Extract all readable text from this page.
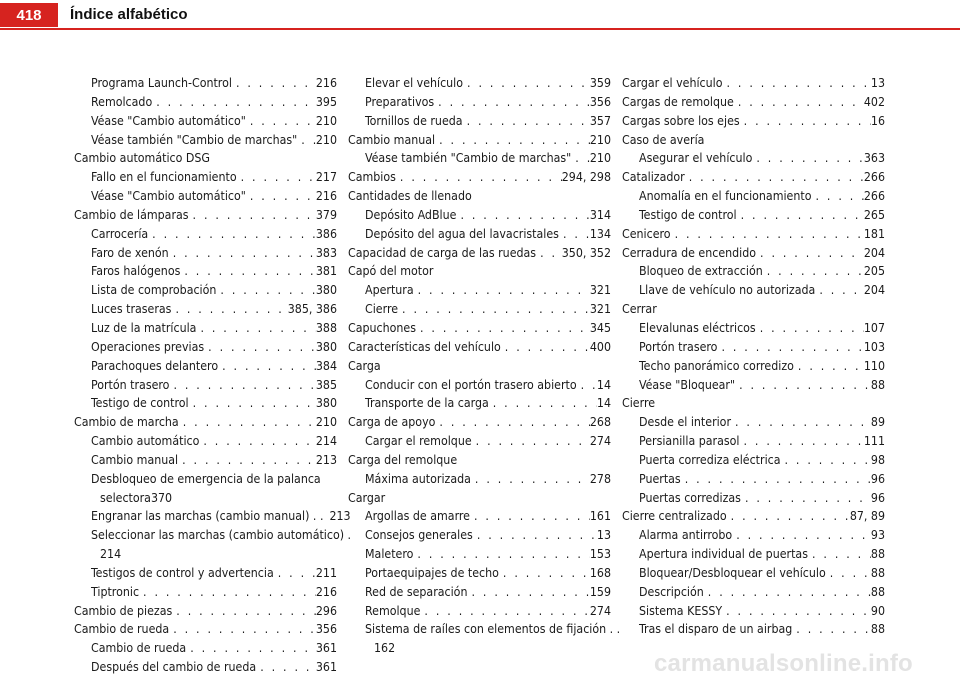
418	Índice alfabético
Programa Launch-Control . . .	216
Remolcado . . .	395
Véase "Cambio automático" . . .	210
Véase también "Cambio de marchas" . . . 210
Cambio automático DSG
Fallo en el funcionamiento . . .	217
Véase "Cambio automático" . . .	216
Cambio de lámparas . . .	379
Carrocería . . .	386
Faro de xenón . . .	383
Faros halógenos . . .	381
Lista de comprobación . . .	380
Luces traseras . . .	385, 386
Luz de la matrícula . . .	388
Operaciones previas . . .	380
Parachoques delantero . . .	384
Portón trasero . . .	385
Testigo de control . . .	380
Cambio de marcha . . .	210
Cambio automático . . .	214
Cambio manual . . .	213
Desbloqueo de emergencia de la palanca
selectora 370
Engranar las marchas (cambio manual) . . 213
Seleccionar las marchas (cambio automático) .
214
Testigos de control y advertencia . . .	211
Tiptronic . . .	216
Cambio de piezas . . .	296
Cambio de rueda . . .	356
Cambio de rueda . . .	361
Después del cambio de rueda . . .	361
Elevar el vehículo . . .	359
Preparativos . . .	356
Tornillos de rueda . . .	357
Cambio manual . . .	210
Véase también "Cambio de marchas" . . . 210
Cambios . . .	294, 298
Cantidades de llenado
Depósito AdBlue . . .	314
Depósito del agua del lavacristales . . .	134
Capacidad de carga de las ruedas . . . 350, 352
Capó del motor
Apertura . . .	321
Cierre . . .	321
Capuchones . . .	345
Características del vehículo . . .	400
Carga
Conducir con el portón trasero abierto . . . 14
Transporte de la carga . . .	14
Carga de apoyo . . .	268
Cargar el remolque . . .	274
Carga del remolque
Máxima autorizada . . .	278
Cargar
Argollas de amarre . . .	161
Consejos generales . . .	13
Maletero . . .	153
Portaequipajes de techo . . .	168
Red de separación . . .	159
Remolque . . .	274
Sistema de raíles con elementos de fijación . .
162
Cargar el vehículo . . .	13
Cargas de remolque . . .	402
Cargas sobre los ejes . . .	16
Caso de avería
Asegurar el vehículo . . .	363
Catalizador . . .	266
Anomalía en el funcionamiento . . .	266
Testigo de control . . .	265
Cenicero . . .	181
Cerradura de encendido . . .	204
Bloqueo de extracción . . .	205
Llave de vehículo no autorizada . . .	204
Cerrar
Elevalunas eléctricos . . .	107
Portón trasero . . .	103
Techo panorámico corredizo . . .	110
Véase "Bloquear" . . .	88
Cierre
Desde el interior . . .	89
Persianilla parasol . . .	111
Puerta corrediza eléctrica . . .	98
Puertas . . .	96
Puertas corredizas . . .	96
Cierre centralizado . . .	87, 89
Alarma antirrobo . . .	93
Apertura individual de puertas . . .	88
Bloquear/Desbloquear el vehículo . . .	88
Descripción . . .	88
Sistema KESSY . . .	90
Tras el disparo de un airbag . . .	88
carmanualsonline.info
